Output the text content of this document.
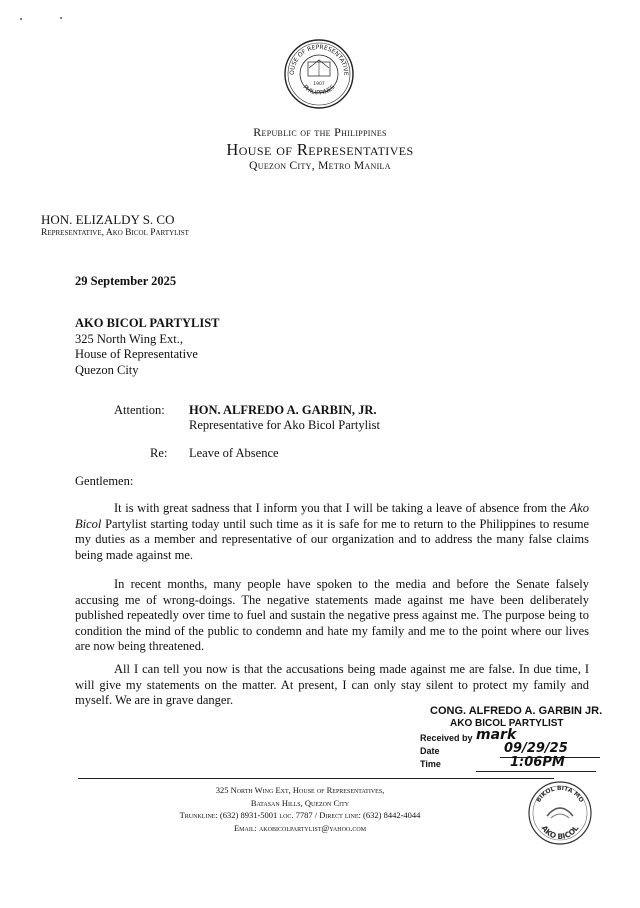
OUSE OF REPRESENTATIVE
PHILIPPINES
1907
Republic of the Philippines
House of Representatives
Quezon City, Metro Manila
HON. ELIZALDY S. CO
Representative, Ako Bicol Partylist
29 September 2025
AKO BICOL PARTYLIST
325 North Wing Ext.,
House of Representative
Quezon City
Attention: HON. ALFREDO A. GARBIN, JR.
Representative for Ako Bicol Partylist
Re: Leave of Absence
Gentlemen:
It is with great sadness that I inform you that I will be taking a leave of absence from the Ako Bicol Partylist starting today until such time as it is safe for me to return to the Philippines to resume my duties as a member and representative of our organization and to address the many false claims being made against me.
In recent months, many people have spoken to the media and before the Senate falsely accusing me of wrong-doings. The negative statements made against me have been deliberately published repeatedly over time to fuel and sustain the negative press against me. The purpose being to condition the mind of the public to condemn and hate my family and me to the point where our lives are now being threatened.
All I can tell you now is that the accusations being made against me are false. In due time, I will give my statements on the matter. At present, I can only stay silent to protect my family and myself. We are in grave danger.
CONG. ALFREDO A. GARBIN JR.
AKO BICOL PARTYLIST
Received by mark
Date	09/29/25
Time	1:06PM
325 North Wing Ext, House of Representatives,
Batasan Hills, Quezon City
Trunkline: (632) 8931-5001 loc. 7787 / Direct line: (632) 8442-4044
Email: akobicolpartylist@yahoo.com
BIKOL BITA MO
AKO BICOL
